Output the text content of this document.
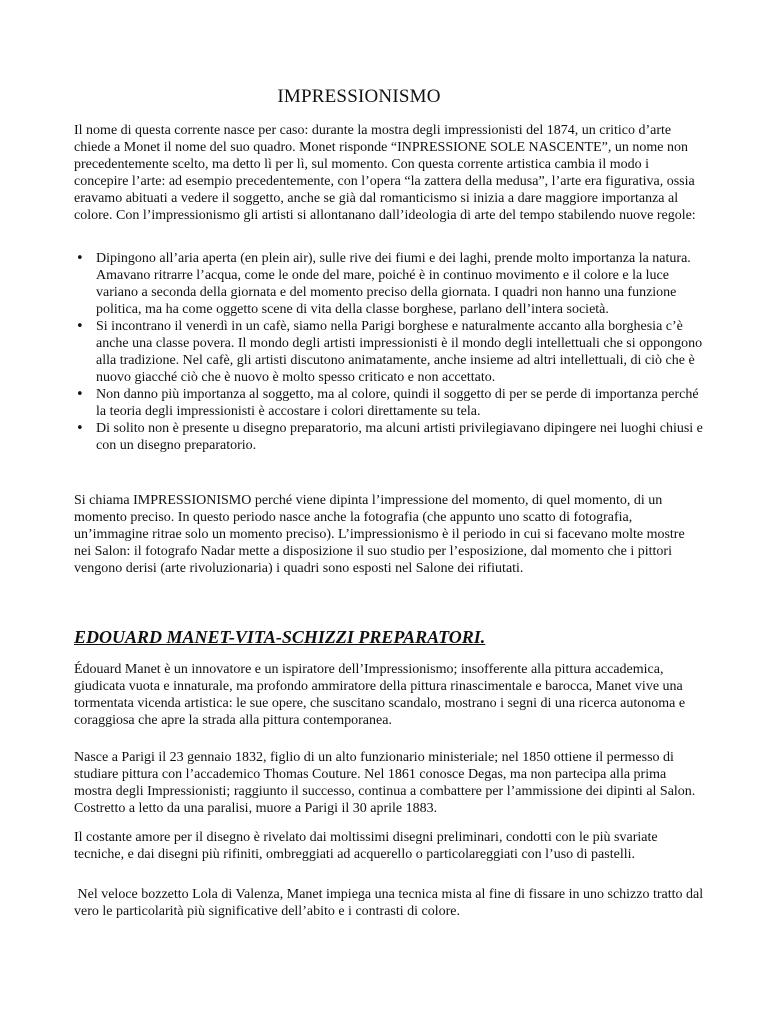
IMPRESSIONISMO

Il nome di questa corrente nasce per caso: durante la mostra degli impressionisti del 1874, un critico d’arte chiede a Monet il nome del suo quadro. Monet risponde “INPRESSIONE SOLE NASCENTE”, un nome non precedentemente scelto, ma detto lì per lì, sul momento. Con questa corrente artistica cambia il modo i concepire l’arte: ad esempio precedentemente, con l’opera “la zattera della medusa”, l’arte era figurativa, ossia eravamo abituati a vedere il soggetto, anche se già dal romanticismo si inizia a dare maggiore importanza al colore. Con l’impressionismo gli artisti si allontanano dall’ideologia di arte del tempo stabilendo nuove regole:

• Dipingono all’aria aperta (en plein air), sulle rive dei fiumi e dei laghi, prende molto importanza la natura. Amavano ritrarre l’acqua, come le onde del mare, poiché è in continuo movimento e il colore e la luce variano a seconda della giornata e del momento preciso della giornata. I quadri non hanno una funzione politica, ma ha come oggetto scene di vita della classe borghese, parlano dell’intera società.
• Si incontrano il venerdì in un cafè, siamo nella Parigi borghese e naturalmente accanto alla borghesia c’è anche una classe povera. Il mondo degli artisti impressionisti è il mondo degli intellettuali che si oppongono alla tradizione. Nel cafè, gli artisti discutono animatamente, anche insieme ad altri intellettuali, di ciò che è nuovo giacché ciò che è nuovo è molto spesso criticato e non accettato.
• Non danno più importanza al soggetto, ma al colore, quindi il soggetto di per se perde di importanza perché la teoria degli impressionisti è accostare i colori direttamente su tela.
• Di solito non è presente u disegno preparatorio, ma alcuni artisti privilegiavano dipingere nei luoghi chiusi e con un disegno preparatorio.

Si chiama IMPRESSIONISMO perché viene dipinta l’impressione del momento, di quel momento, di un momento preciso. In questo periodo nasce anche la fotografia (che appunto uno scatto di fotografia, un’immagine ritrae solo un momento preciso). L’impressionismo è il periodo in cui si facevano molte mostre nei Salon: il fotografo Nadar mette a disposizione il suo studio per l’esposizione, dal momento che i pittori vengono derisi (arte rivoluzionaria) i quadri sono esposti nel Salone dei rifiutati.

EDOUARD MANET-VITA-SCHIZZI PREPARATORI.

Édouard Manet è un innovatore e un ispiratore dell’Impressionismo; insofferente alla pittura accademica, giudicata vuota e innaturale, ma profondo ammiratore della pittura rinascimentale e barocca, Manet vive una tormentata vicenda artistica: le sue opere, che suscitano scandalo, mostrano i segni di una ricerca autonoma e coraggiosa che apre la strada alla pittura contemporanea.

Nasce a Parigi il 23 gennaio 1832, figlio di un alto funzionario ministeriale; nel 1850 ottiene il permesso di studiare pittura con l’accademico Thomas Couture. Nel 1861 conosce Degas, ma non partecipa alla prima mostra degli Impressionisti; raggiunto il successo, continua a combattere per l’ammissione dei dipinti al Salon. Costretto a letto da una paralisi, muore a Parigi il 30 aprile 1883.

Il costante amore per il disegno è rivelato dai moltissimi disegni preliminari, condotti con le più svariate tecniche, e dai disegni più rifiniti, ombreggiati ad acquerello o particolareggiati con l’uso di pastelli.

Nel veloce bozzetto Lola di Valenza, Manet impiega una tecnica mista al fine di fissare in uno schizzo tratto dal vero le particolarità più significative dell’abito e i contrasti di colore.
